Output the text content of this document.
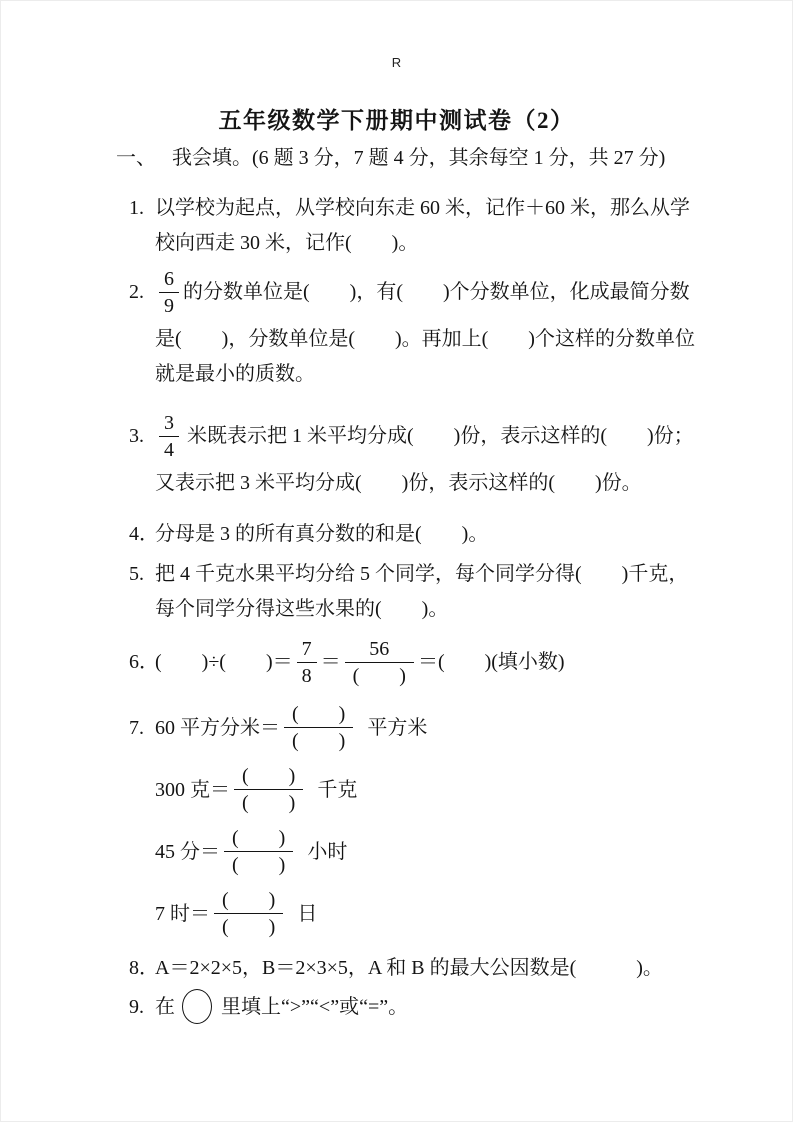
R
五年级数学下册期中测试卷（2）
一、 我会填。(6 题 3 分，7 题 4 分，其余每空 1 分，共 27 分)
1. 以学校为起点，从学校向东走 60 米，记作＋60 米，那么从学校向西走 30 米，记作(　　)。
2. $\frac{6}{9}$ 的分数单位是(　　)，有(　　)个分数单位，化成最简分数是(　　)，分数单位是(　　)。再加上(　　)个这样的分数单位就是最小的质数。
3. $\frac{3}{4}$ 米既表示把 1 米平均分成(　　)份，表示这样的(　　)份；又表示把 3 米平均分成(　　)份，表示这样的(　　)份。
4．分母是 3 的所有真分数的和是(　　)。
5. 把 4 千克水果平均分给 5 个同学，每个同学分得(　　)千克，每个同学分得这些水果的(　　)。
6．(　　)÷(　　)＝ $\frac{7}{8} = \frac{56}{( )}$ ＝(　　)(填小数)
7. 60 平方分米＝ $\frac{( )}{( )}$ 平方米
300 克＝ $\frac{( )}{( )}$ 千克
45 分＝ $\frac{( )}{( )}$ 小时
7 时＝ $\frac{( )}{( )}$ 日
8．A＝2×2×5，B＝2×3×5，A 和 B 的最大公因数是(　　　)。
9. 在 里填上“>”“<”或“=”。
